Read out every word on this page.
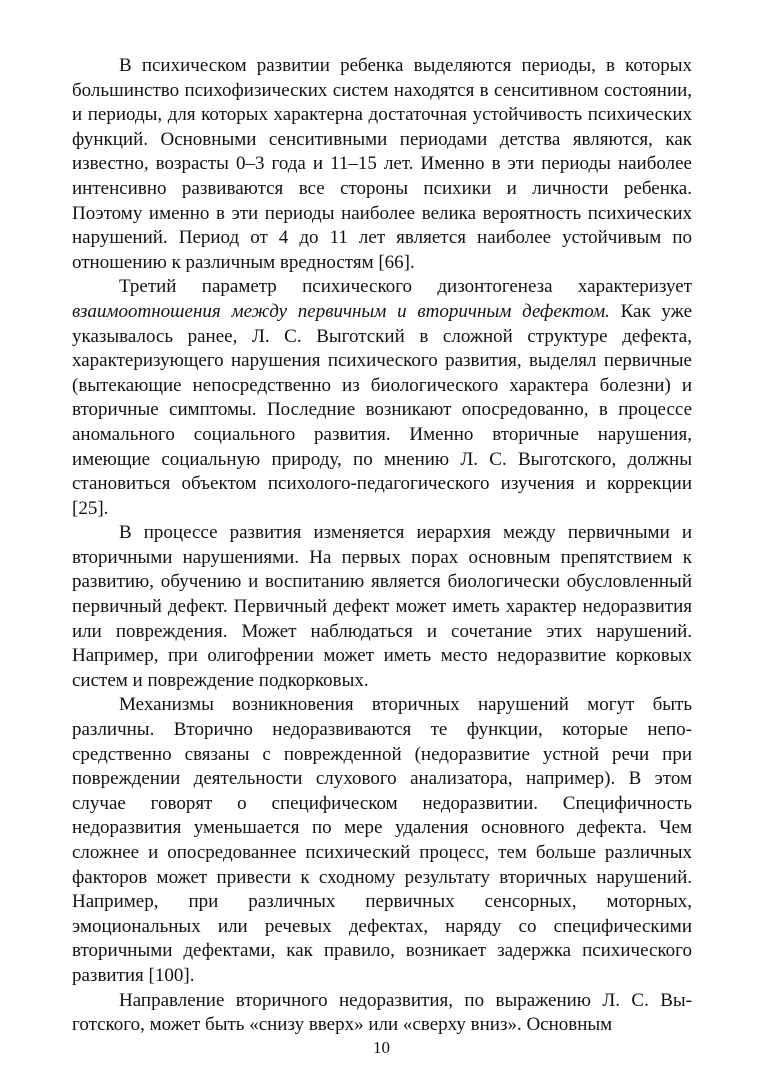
В психическом развитии ребенка выделяются периоды, в которых большинство психофизических систем находятся в сенситивном состоянии, и периоды, для которых характерна достаточная устойчивость психических функций. Основными сенситивными периодами детства являются, как известно, возрасты 0–3 года и 11–15 лет. Именно в эти периоды наиболее интенсивно развиваются все стороны психики и личности ребенка. Поэтому именно в эти периоды наиболее велика вероятность психических нарушений. Период от 4 до 11 лет является наиболее устойчивым по отношению к различным вредностям [66].

Третий параметр психического дизонтогенеза характеризует взаимоотношения между первичным и вторичным дефектом. Как уже указывалось ранее, Л. С. Выготский в сложной структуре дефекта, характеризующего нарушения психического развития, выделял первичные (вытекающие непосредственно из биологического характера болезни) и вторичные симптомы. Последние возникают опосредованно, в процессе аномального социального развития. Именно вторичные нарушения, имеющие социальную природу, по мнению Л. С. Выготского, должны становиться объектом психолого-педагогического изучения и коррекции [25].

В процессе развития изменяется иерархия между первичными и вторичными нарушениями. На первых порах основным препятствием к развитию, обучению и воспитанию является биологически обусловленный первичный дефект. Первичный дефект может иметь характер недоразвития или повреждения. Может наблюдаться и сочетание этих нарушений. Например, при олигофрении может иметь место недоразвитие корковых систем и повреждение подкорковых.

Механизмы возникновения вторичных нарушений могут быть различны. Вторично недоразвиваются те функции, которые непосредственно связаны с поврежденной (недоразвитие устной речи при повреждении деятельности слухового анализатора, например). В этом случае говорят о специфическом недоразвитии. Специфичность недоразвития уменьшается по мере удаления основного дефекта. Чем сложнее и опосредованнее психический процесс, тем больше различных факторов может привести к сходному результату вторичных нарушений. Например, при различных первичных сенсорных, моторных, эмоциональных или речевых дефектах, наряду со специфическими вторичными дефектами, как правило, возникает задержка психического развития [100].

Направление вторичного недоразвития, по выражению Л. С. Выготского, может быть «снизу вверх» или «сверху вниз». Основным

10
